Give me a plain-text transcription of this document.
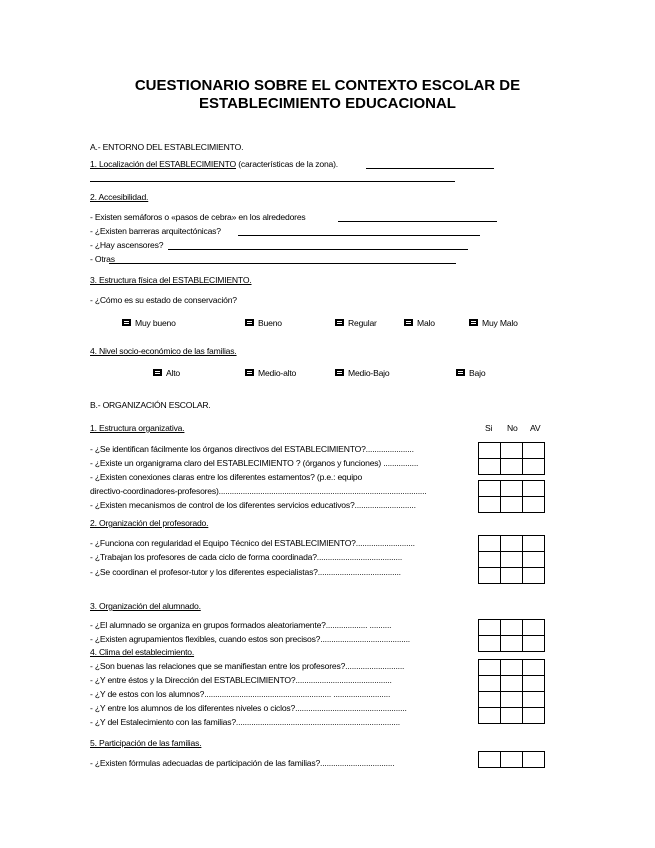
CUESTIONARIO SOBRE EL CONTEXTO ESCOLAR DE
ESTABLECIMIENTO EDUCACIONAL
A.- ENTORNO DEL ESTABLECIMIENTO.
1. Localización del ESTABLECIMIENTO (características de la zona).
2. Accesibilidad.
- Existen semáforos o «pasos de cebra» en los alrededores
- ¿Existen barreras arquitectónicas?
- ¿Hay ascensores?
- Otras
3. Estructura física del ESTABLECIMIENTO.
- ¿Cómo es su estado de conservación?
Muy bueno	Bueno	Regular	Malo	Muy Malo
4. Nivel socio-económico de las familias.
Alto	Medio-alto	Medio-Bajo	Bajo
B.- ORGANIZACIÓN ESCOLAR.
1. Estructura organizativa.	Si No AV
- ¿Se identifican fácilmente los órganos directivos del ESTABLECIMIENTO?......................
- ¿Existe un organigrama claro del ESTABLECIMIENTO ? (órganos y funciones) ................
- ¿Existen conexiones claras entre los diferentes estamentos? (p.e.: equipo
directivo-coordinadores-profesores)...............................................................................................
- ¿Existen mecanismos de control de los diferentes servicios educativos?............................

2. Organización del profesorado.
- ¿Funciona con regularidad el Equipo Técnico del ESTABLECIMIENTO?...........................
- ¿Trabajan los profesores de cada ciclo de forma coordinada?.......................................
- ¿Se coordinan el profesor-tutor y los diferentes especialistas?......................................

3. Organización del alumnado.
- ¿El alumnado se organiza en grupos formados aleatoriamente?................... ..........
- ¿Existen agrupamientos flexibles, cuando estos son precisos?.........................................

4. Clima del establecimiento.
- ¿Son buenas las relaciones que se manifiestan entre los profesores?...........................
- ¿Y entre éstos y la Dirección del ESTABLECIMIENTO?............................................
- ¿Y de estos con los alumnos?.......................................................... ..........................
- ¿Y entre los alumnos de los diferentes niveles o ciclos?...................................................
- ¿Y del Estalecimiento con las familias?...........................................................................

5. Participación de las familias.
- ¿Existen fórmulas adecuadas de participación de las familias?..................................
